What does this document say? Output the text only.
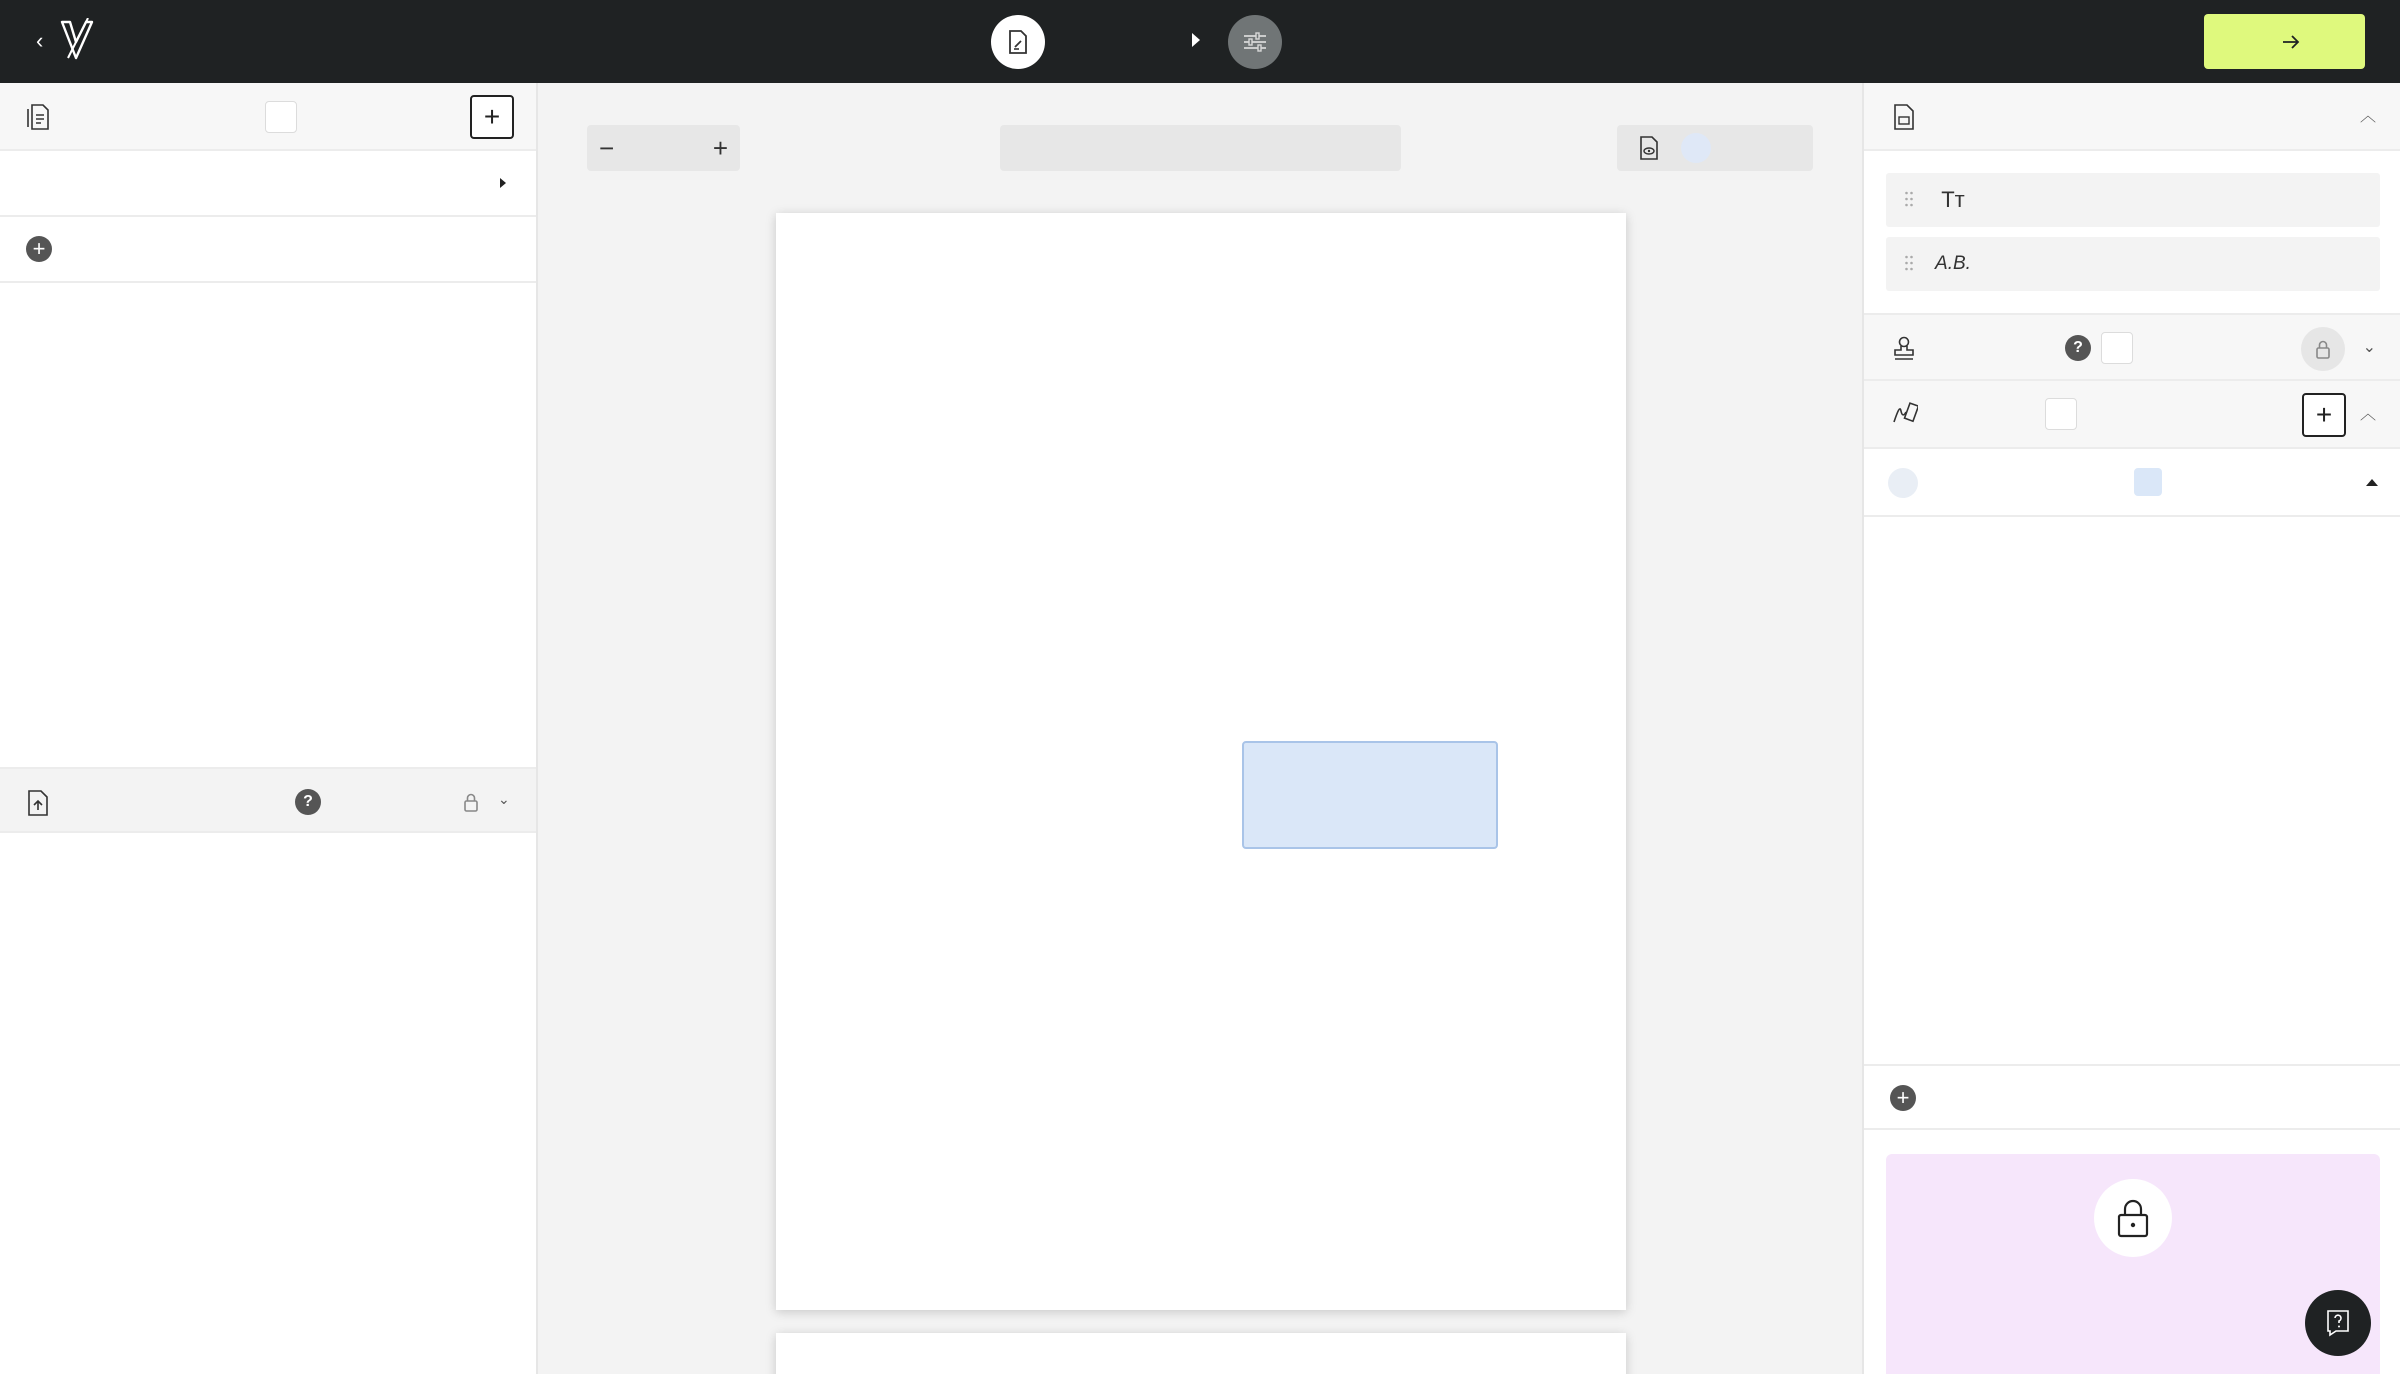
‹
+
+
?	⌄
−	+
︿
Tт
A.B.
?	⌄
+	︿
+
